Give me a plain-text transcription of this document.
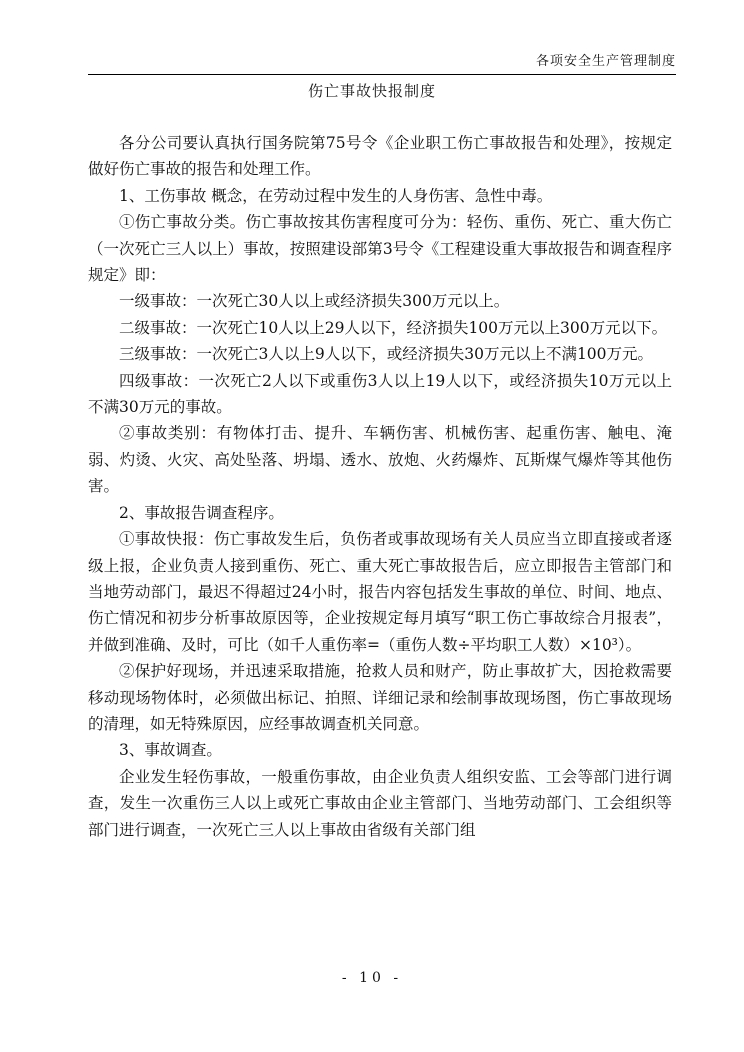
各项安全生产管理制度
伤亡事故快报制度

各分公司要认真执行国务院第75号令《企业职工伤亡事故报告和处理》，按规定做好伤亡事故的报告和处理工作。

1、工伤事故 概念，在劳动过程中发生的人身伤害、急性中毒。

①伤亡事故分类。伤亡事故按其伤害程度可分为：轻伤、重伤、死亡、重大伤亡（一次死亡三人以上）事故，按照建设部第3号令《工程建设重大事故报告和调查程序规定》即：

一级事故：一次死亡30人以上或经济损失300万元以上。

二级事故：一次死亡10人以上29人以下，经济损失100万元以上300万元以下。

三级事故：一次死亡3人以上9人以下，或经济损失30万元以上不满100万元。

四级事故：一次死亡2人以下或重伤3人以上19人以下，或经济损失10万元以上不满30万元的事故。

②事故类别：有物体打击、提升、车辆伤害、机械伤害、起重伤害、触电、淹弱、灼烫、火灾、高处坠落、坍塌、透水、放炮、火药爆炸、瓦斯煤气爆炸等其他伤害。

2、事故报告调查程序。

①事故快报：伤亡事故发生后，负伤者或事故现场有关人员应当立即直接或者逐级上报，企业负责人接到重伤、死亡、重大死亡事故报告后，应立即报告主管部门和当地劳动部门，最迟不得超过24小时，报告内容包括发生事故的单位、时间、地点、伤亡情况和初步分析事故原因等，企业按规定每月填写“职工伤亡事故综合月报表”，并做到准确、及时，可比（如千人重伤率=（重伤人数÷平均职工人数）×10³）。

②保护好现场，并迅速采取措施，抢救人员和财产，防止事故扩大，因抢救需要移动现场物体时，必须做出标记、拍照、详细记录和绘制事故现场图，伤亡事故现场的清理，如无特殊原因，应经事故调查机关同意。

3、事故调查。

企业发生轻伤事故，一般重伤事故，由企业负责人组织安监、工会等部门进行调查，发生一次重伤三人以上或死亡事故由企业主管部门、当地劳动部门、工会组织等部门进行调查，一次死亡三人以上事故由省级有关部门组

- 10 -
